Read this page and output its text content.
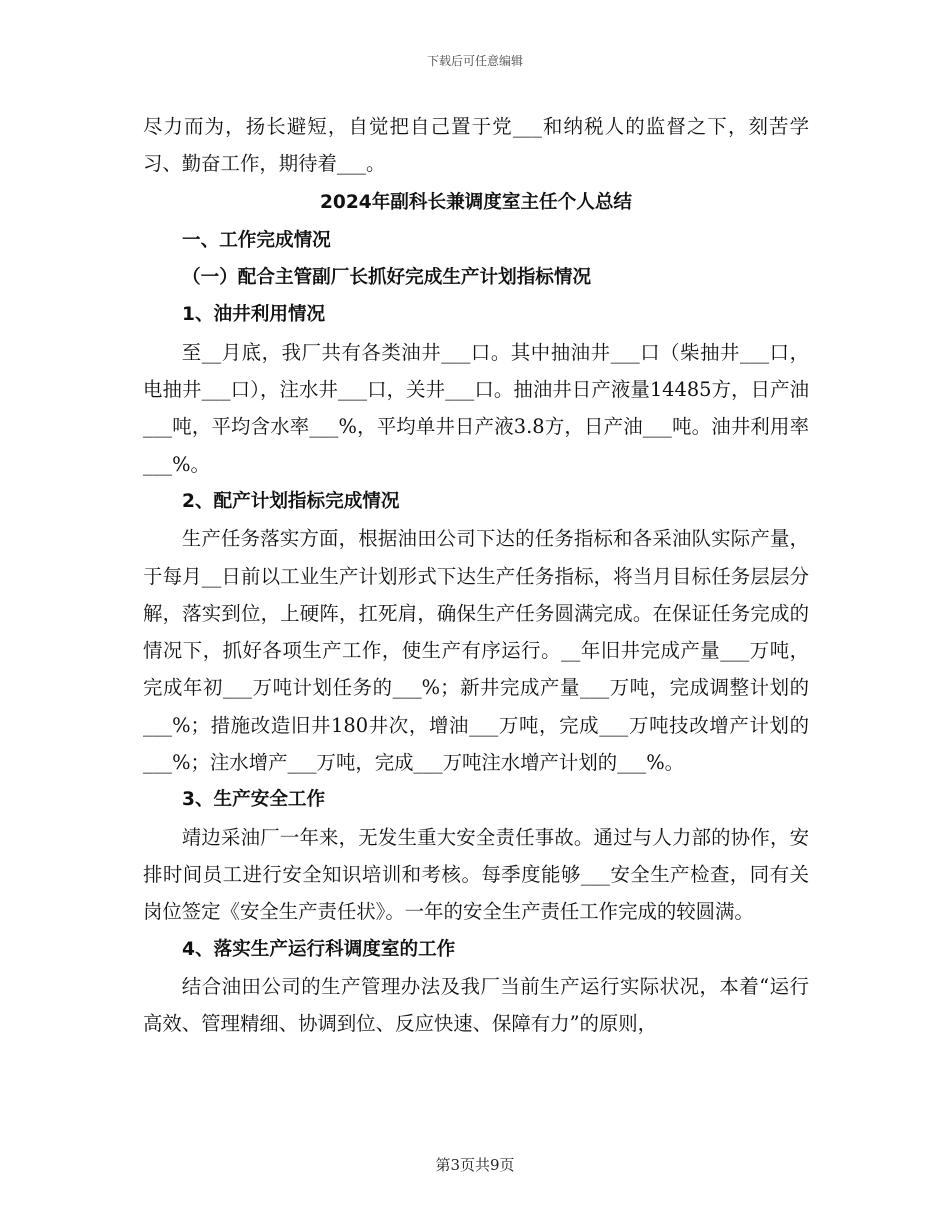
下载后可任意编辑

尽力而为，扬长避短，自觉把自己置于党___和纳税人的监督之下，刻苦学习、勤奋工作，期待着___。

2024年副科长兼调度室主任个人总结

一、工作完成情况

（一）配合主管副厂长抓好完成生产计划指标情况

1、油井利用情况

至__月底，我厂共有各类油井___口。其中抽油井___口（柴抽井___口，电抽井___口），注水井___口，关井___口。抽油井日产液量14485方，日产油___吨，平均含水率___%，平均单井日产液3.8方，日产油___吨。油井利用率___%。

2、配产计划指标完成情况

生产任务落实方面，根据油田公司下达的任务指标和各采油队实际产量，于每月__日前以工业生产计划形式下达生产任务指标，将当月目标任务层层分解，落实到位，上硬阵，扛死肩，确保生产任务圆满完成。在保证任务完成的情况下，抓好各项生产工作，使生产有序运行。__年旧井完成产量___万吨，完成年初___万吨计划任务的___%；新井完成产量___万吨，完成调整计划的___%；措施改造旧井180井次，增油___万吨，完成___万吨技改增产计划的___%；注水增产___万吨，完成___万吨注水增产计划的___%。

3、生产安全工作

靖边采油厂一年来，无发生重大安全责任事故。通过与人力部的协作，安排时间员工进行安全知识培训和考核。每季度能够___安全生产检查，同有关岗位签定《安全生产责任状》。一年的安全生产责任工作完成的较圆满。

4、落实生产运行科调度室的工作

结合油田公司的生产管理办法及我厂当前生产运行实际状况，本着“运行高效、管理精细、协调到位、反应快速、保障有力”的原则，

第3页共9页
